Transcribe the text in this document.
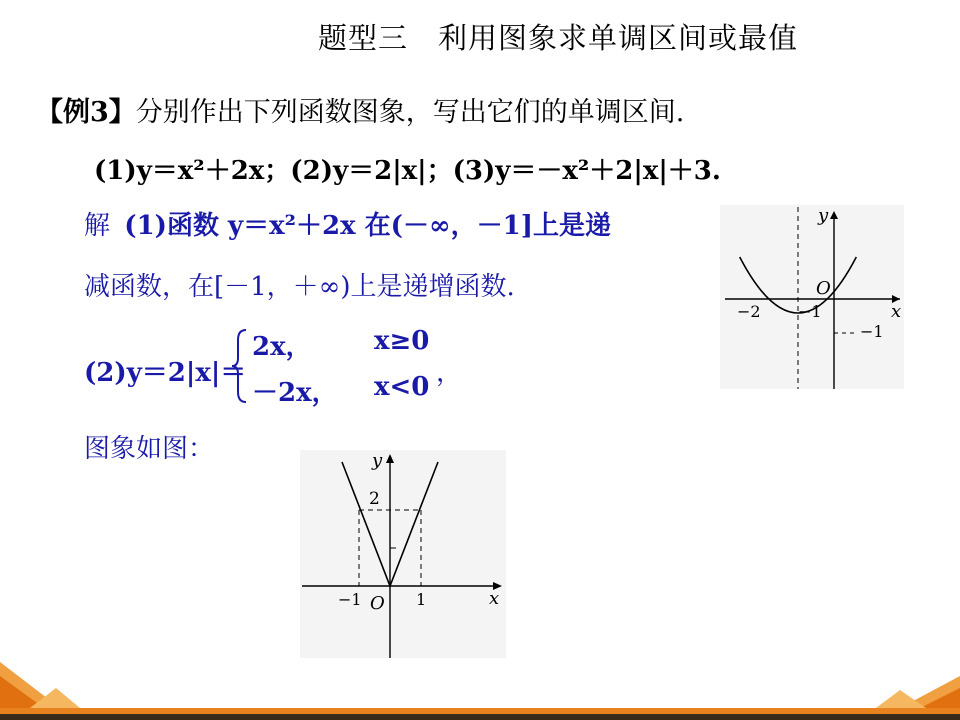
题型三　利用图象求单调区间或最值
【例3】分别作出下列函数图象，写出它们的单调区间.
(1)y＝x²＋2x；(2)y＝2|x|；(3)y＝－x²＋2|x|＋3.
解 (1)函数 y＝x²＋2x 在(－∞，－1]上是递
减函数，在[－1，＋∞)上是递增函数.
(2)y＝2|x|＝
2x， x≥0
－2x， x<0 ，
图象如图：
y
x
O
−2 −1
−1
y
x
O
2
−1	1
